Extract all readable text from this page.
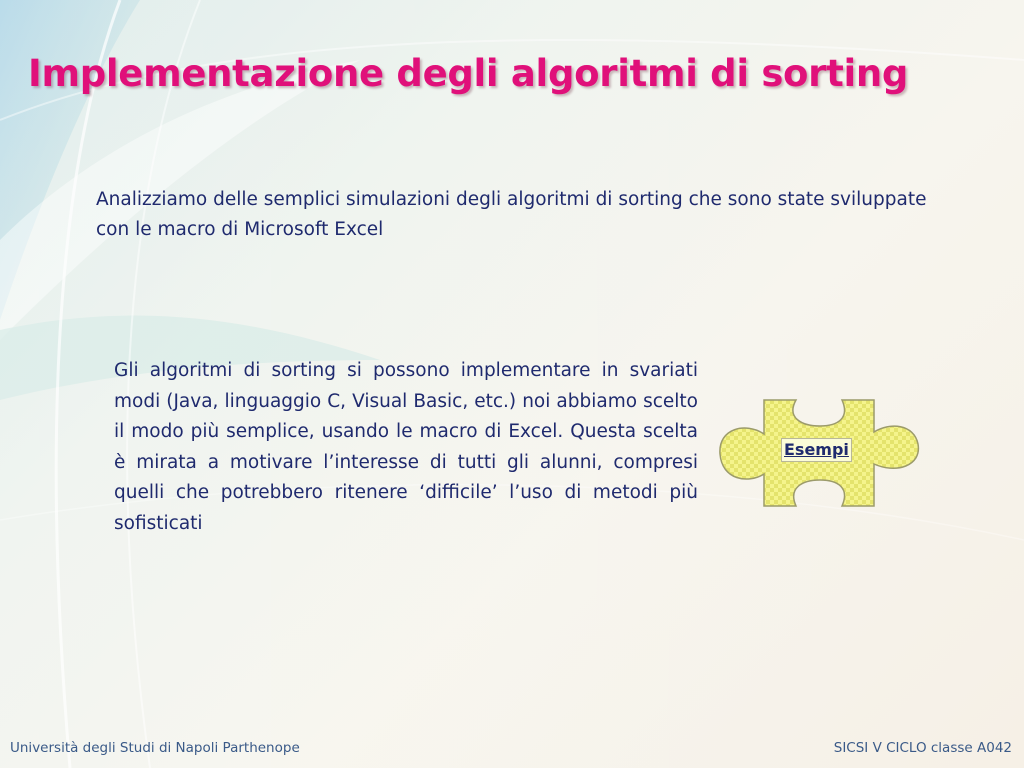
Implementazione degli algoritmi di sorting

Analizziamo delle semplici simulazioni degli algoritmi di sorting che sono state sviluppate con le macro di Microsoft Excel

Gli algoritmi di sorting si possono implementare in svariati modi (Java, linguaggio C, Visual Basic, etc.) noi abbiamo scelto il modo più semplice, usando le macro di Excel. Questa scelta è mirata a motivare l’interesse di tutti gli alunni, compresi quelli che potrebbero ritenere ‘difficile’ l’uso di metodi più sofisticati

Esempi
Università degli Studi di Napoli Parthenope	SICSI V CICLO classe A042
